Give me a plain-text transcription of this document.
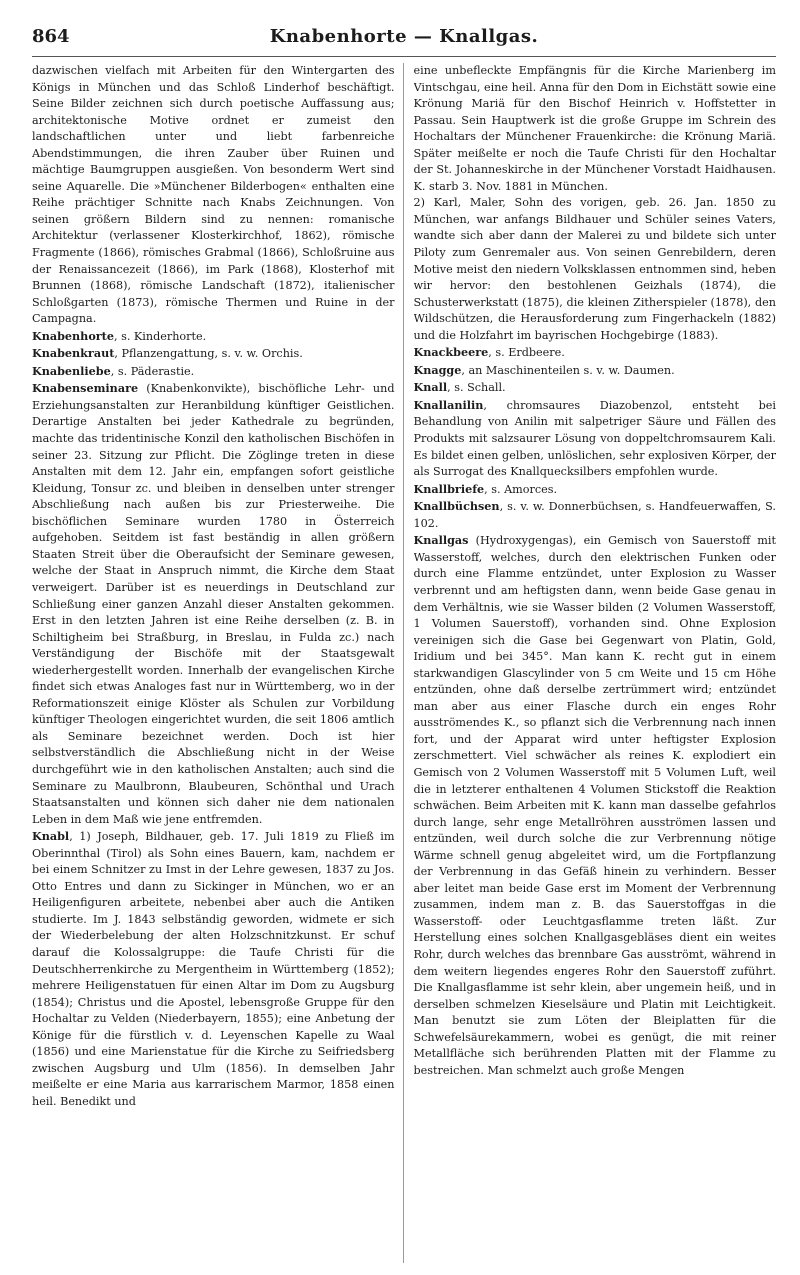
864	Knabenhorte — Knallgas.

dazwischen vielfach mit Arbeiten für den Wintergarten des Königs in München und das Schloß Linderhof beschäftigt. Seine Bilder zeichnen sich durch poetische Auffassung aus; architektonische Motive ordnet er zumeist den landschaftlichen unter und liebt farbenreiche Abendstimmungen, die ihren Zauber über Ruinen und mächtige Baumgruppen ausgießen. Von besonderm Wert sind seine Aquarelle. Die »Münchener Bilderbogen« enthalten eine Reihe prächtiger Schnitte nach Knabs Zeichnungen. Von seinen größern Bildern sind zu nennen: romanische Architektur (verlassener Klosterkirchhof, 1862), römische Fragmente (1866), römisches Grabmal (1866), Schloßruine aus der Renaissancezeit (1866), im Park (1868), Klosterhof mit Brunnen (1868), römische Landschaft (1872), italienischer Schloßgarten (1873), römische Thermen und Ruine in der Campagna.

Knabenhorte, s. Kinderhorte.

Knabenkraut, Pflanzengattung, s. v. w. Orchis.

Knabenliebe, s. Päderastie.

Knabenseminare (Knabenkonvikte), bischöfliche Lehr- und Erziehungsanstalten zur Heranbildung künftiger Geistlichen. Derartige Anstalten bei jeder Kathedrale zu begründen, machte das tridentinische Konzil den katholischen Bischöfen in seiner 23. Sitzung zur Pflicht. Die Zöglinge treten in diese Anstalten mit dem 12. Jahr ein, empfangen sofort geistliche Kleidung, Tonsur zc. und bleiben in denselben unter strenger Abschließung nach außen bis zur Priesterweihe. Die bischöflichen Seminare wurden 1780 in Österreich aufgehoben. Seitdem ist fast beständig in allen größern Staaten Streit über die Oberaufsicht der Seminare gewesen, welche der Staat in Anspruch nimmt, die Kirche dem Staat verweigert. Darüber ist es neuerdings in Deutschland zur Schließung einer ganzen Anzahl dieser Anstalten gekommen. Erst in den letzten Jahren ist eine Reihe derselben (z. B. in Schiltigheim bei Straßburg, in Breslau, in Fulda zc.) nach Verständigung der Bischöfe mit der Staatsgewalt wiederhergestellt worden. Innerhalb der evangelischen Kirche findet sich etwas Analoges fast nur in Württemberg, wo in der Reformationszeit einige Klöster als Schulen zur Vorbildung künftiger Theologen eingerichtet wurden, die seit 1806 amtlich als Seminare bezeichnet werden. Doch ist hier selbstverständlich die Abschließung nicht in der Weise durchgeführt wie in den katholischen Anstalten; auch sind die Seminare zu Maulbronn, Blaubeuren, Schönthal und Urach Staatsanstalten und können sich daher nie dem nationalen Leben in dem Maß wie jene entfremden.

Knabl, 1) Joseph, Bildhauer, geb. 17. Juli 1819 zu Fließ im Oberinnthal (Tirol) als Sohn eines Bauern, kam, nachdem er bei einem Schnitzer zu Imst in der Lehre gewesen, 1837 zu Jos. Otto Entres und dann zu Sickinger in München, wo er an Heiligenfiguren arbeitete, nebenbei aber auch die Antiken studierte. Im J. 1843 selbständig geworden, widmete er sich der Wiederbelebung der alten Holzschnitzkunst. Er schuf darauf die Kolossalgruppe: die Taufe Christi für die Deutschherrenkirche zu Mergentheim in Württemberg (1852); mehrere Heiligenstatuen für einen Altar im Dom zu Augsburg (1854); Christus und die Apostel, lebensgroße Gruppe für den Hochaltar zu Velden (Niederbayern, 1855); eine Anbetung der Könige für die fürstlich v. d. Leyenschen Kapelle zu Waal (1856) und eine Marienstatue für die Kirche zu Seifriedsberg zwischen Augsburg und Ulm (1856). In demselben Jahr meißelte er eine Maria aus karrarischem Marmor, 1858 einen heil. Benedikt und

eine unbefleckte Empfängnis für die Kirche Marienberg im Vintschgau, eine heil. Anna für den Dom in Eichstätt sowie eine Krönung Mariä für den Bischof Heinrich v. Hoffstetter in Passau. Sein Hauptwerk ist die große Gruppe im Schrein des Hochaltars der Münchener Frauenkirche: die Krönung Mariä. Später meißelte er noch die Taufe Christi für den Hochaltar der St. Johanneskirche in der Münchener Vorstadt Haidhausen. K. starb 3. Nov. 1881 in München.

2) Karl, Maler, Sohn des vorigen, geb. 26. Jan. 1850 zu München, war anfangs Bildhauer und Schüler seines Vaters, wandte sich aber dann der Malerei zu und bildete sich unter Piloty zum Genremaler aus. Von seinen Genrebildern, deren Motive meist den niedern Volksklassen entnommen sind, heben wir hervor: den bestohlenen Geizhals (1874), die Schusterwerkstatt (1875), die kleinen Zitherspieler (1878), den Wildschützen, die Herausforderung zum Fingerhackeln (1882) und die Holzfahrt im bayrischen Hochgebirge (1883).

Knackbeere, s. Erdbeere.

Knagge, an Maschinenteilen s. v. w. Daumen.

Knall, s. Schall.

Knallanilin, chromsaures Diazobenzol, entsteht bei Behandlung von Anilin mit salpetriger Säure und Fällen des Produkts mit salzsaurer Lösung von doppeltchromsaurem Kali. Es bildet einen gelben, unlöslichen, sehr explosiven Körper, der als Surrogat des Knallquecksilbers empfohlen wurde.

Knallbriefe, s. Amorces.

Knallbüchsen, s. v. w. Donnerbüchsen, s. Handfeuerwaffen, S. 102.

Knallgas (Hydroxygengas), ein Gemisch von Sauerstoff mit Wasserstoff, welches, durch den elektrischen Funken oder durch eine Flamme entzündet, unter Explosion zu Wasser verbrennt und am heftigsten dann, wenn beide Gase genau in dem Verhältnis, wie sie Wasser bilden (2 Volumen Wasserstoff, 1 Volumen Sauerstoff), vorhanden sind. Ohne Explosion vereinigen sich die Gase bei Gegenwart von Platin, Gold, Iridium und bei 345°. Man kann K. recht gut in einem starkwandigen Glascylinder von 5 cm Weite und 15 cm Höhe entzünden, ohne daß derselbe zertrümmert wird; entzündet man aber aus einer Flasche durch ein enges Rohr ausströmendes K., so pflanzt sich die Verbrennung nach innen fort, und der Apparat wird unter heftigster Explosion zerschmettert. Viel schwächer als reines K. explodiert ein Gemisch von 2 Volumen Wasserstoff mit 5 Volumen Luft, weil die in letzterer enthaltenen 4 Volumen Stickstoff die Reaktion schwächen. Beim Arbeiten mit K. kann man dasselbe gefahrlos durch lange, sehr enge Metallröhren ausströmen lassen und entzünden, weil durch solche die zur Verbrennung nötige Wärme schnell genug abgeleitet wird, um die Fortpflanzung der Verbrennung in das Gefäß hinein zu verhindern. Besser aber leitet man beide Gase erst im Moment der Verbrennung zusammen, indem man z. B. das Sauerstoffgas in die Wasserstoff- oder Leuchtgasflamme treten läßt. Zur Herstellung eines solchen Knallgasgebläses dient ein weites Rohr, durch welches das brennbare Gas ausströmt, während in dem weitern liegendes engeres Rohr den Sauerstoff zuführt. Die Knallgasflamme ist sehr klein, aber ungemein heiß, und in derselben schmelzen Kieselsäure und Platin mit Leichtigkeit. Man benutzt sie zum Löten der Bleiplatten für die Schwefelsäurekammern, wobei es genügt, die mit reiner Metallfläche sich berührenden Platten mit der Flamme zu bestreichen. Man schmelzt auch große Mengen
